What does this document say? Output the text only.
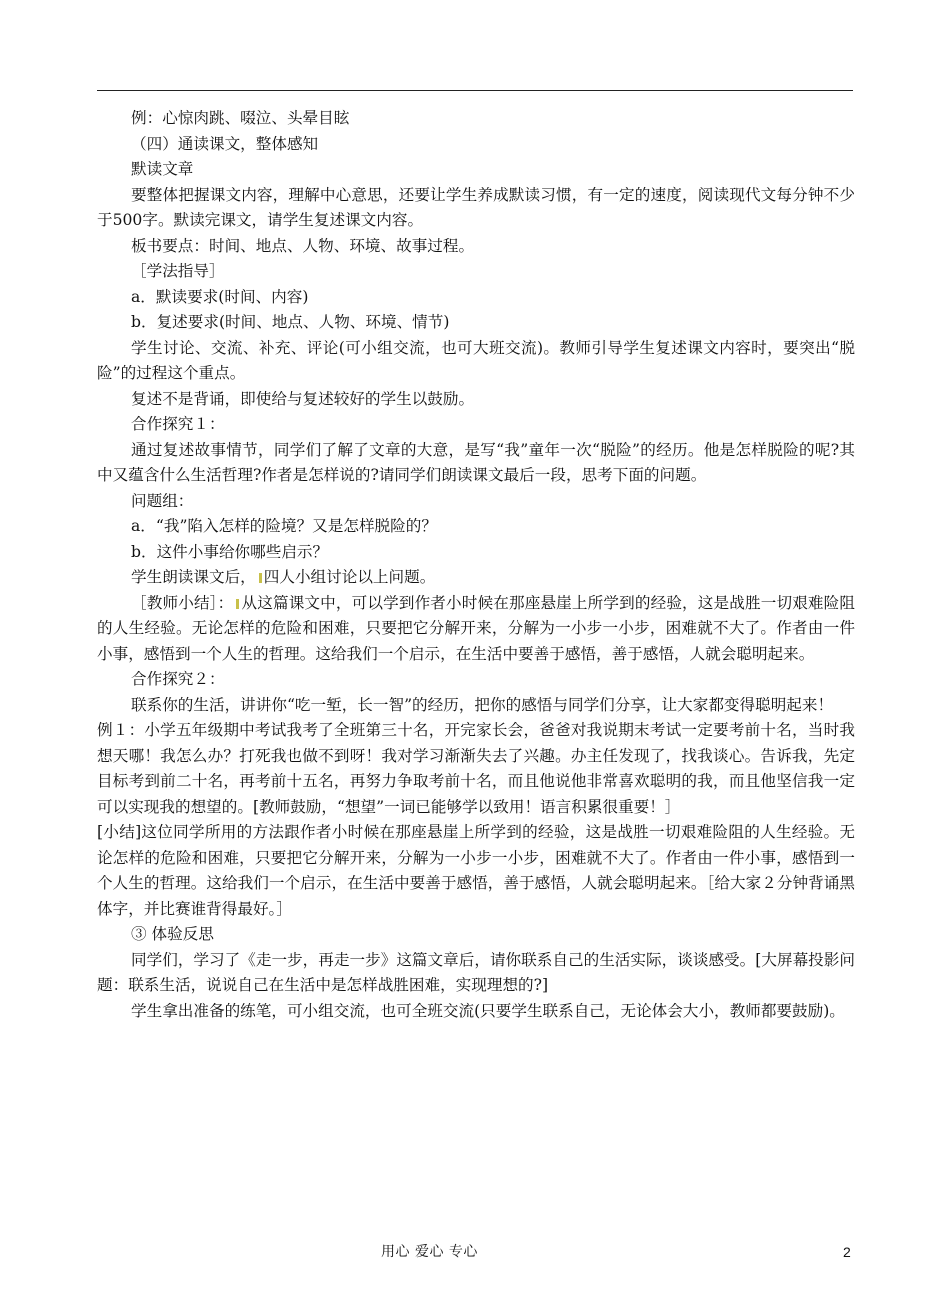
例：心惊肉跳、啜泣、头晕目眩

（四）通读课文，整体感知

默读文章

要整体把握课文内容，理解中心意思，还要让学生养成默读习惯，有一定的速度，阅读现代文每分钟不少于500字。默读完课文，请学生复述课文内容。

板书要点：时间、地点、人物、环境、故事过程。

［学法指导］

a．默读要求(时间、内容)

b．复述要求(时间、地点、人物、环境、情节)

学生讨论、交流、补充、评论(可小组交流，也可大班交流)。教师引导学生复述课文内容时，要突出“脱险”的过程这个重点。

复述不是背诵，即使给与复述较好的学生以鼓励。

合作探究１：

通过复述故事情节，同学们了解了文章的大意，是写“我”童年一次“脱险”的经历。他是怎样脱险的呢?其中又蕴含什么生活哲理?作者是怎样说的?请同学们朗读课文最后一段，思考下面的问题。

问题组：

a．“我”陷入怎样的险境？又是怎样脱险的？

b．这件小事给你哪些启示？

学生朗读课文后， 四人小组讨论以上问题。

［教师小结］： 从这篇课文中，可以学到作者小时候在那座悬崖上所学到的经验，这是战胜一切艰难险阻的人生经验。无论怎样的危险和困难，只要把它分解开来，分解为一小步一小步，困难就不大了。作者由一件小事，感悟到一个人生的哲理。这给我们一个启示，在生活中要善于感悟，善于感悟，人就会聪明起来。

合作探究２：

联系你的生活，讲讲你“吃一堑，长一智”的经历，把你的感悟与同学们分享，让大家都变得聪明起来！

例１：小学五年级期中考试我考了全班第三十名，开完家长会，爸爸对我说期末考试一定要考前十名，当时我想天哪！我怎么办？打死我也做不到呀！我对学习渐渐失去了兴趣。办主任发现了，找我谈心。告诉我，先定目标考到前二十名，再考前十五名，再努力争取考前十名，而且他说他非常喜欢聪明的我，而且他坚信我一定可以实现我的想望的。[教师鼓励，“想望”一词已能够学以致用！语言积累很重要！］

[小结]这位同学所用的方法跟作者小时候在那座悬崖上所学到的经验，这是战胜一切艰难险阻的人生经验。无论怎样的危险和困难，只要把它分解开来，分解为一小步一小步，困难就不大了。作者由一件小事，感悟到一个人生的哲理。这给我们一个启示，在生活中要善于感悟，善于感悟，人就会聪明起来。［给大家２分钟背诵黑体字，并比赛谁背得最好。］

③ 体验反思

同学们，学习了《走一步，再走一步》这篇文章后，请你联系自己的生活实际，谈谈感受。[大屏幕投影问题：联系生活，说说自己在生活中是怎样战胜困难，实现理想的?]

学生拿出准备的练笔，可小组交流，也可全班交流(只要学生联系自己，无论体会大小，教师都要鼓励)。

用心 爱心 专心	2
